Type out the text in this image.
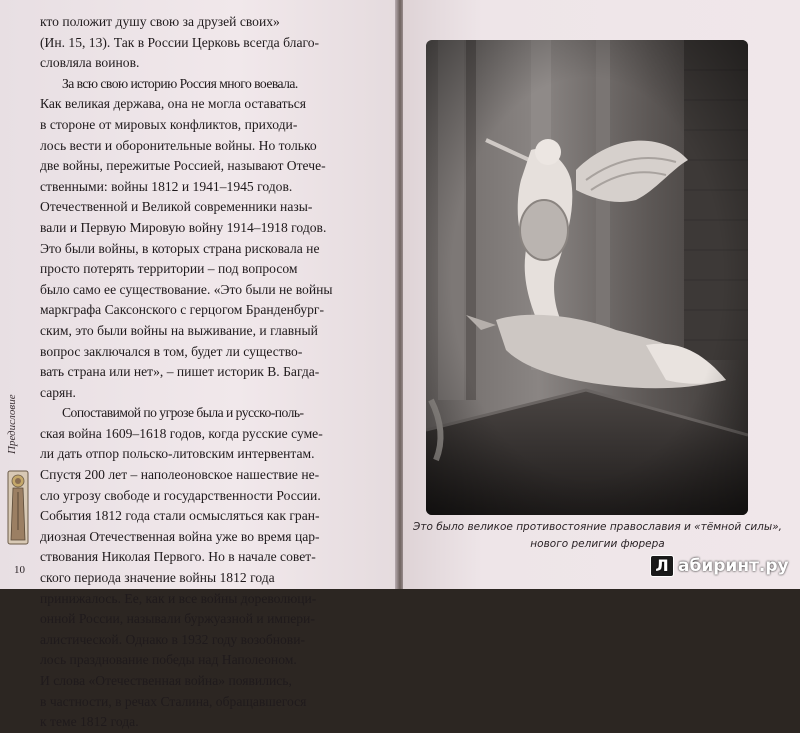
кто положит душу свою за друзей своих»
(Ин. 15, 13). Так в России Церковь всегда благо-
словляла воинов.
За всю свою историю Россия много воевала.
Как великая держава, она не могла оставаться
в стороне от мировых конфликтов, приходи-
лось вести и оборонительные войны. Но только
две войны, пережитые Россией, называют Отече-
ственными: войны 1812 и 1941–1945 годов.
Отечественной и Великой современники назы-
вали и Первую Мировую войну 1914–1918 годов.
Это были войны, в которых страна рисковала не
просто потерять территории – под вопросом
было само ее существование. «Это были не войны
маркграфа Саксонского с герцогом Бранденбург-
ским, это были войны на выживание, и главный
вопрос заключался в том, будет ли существо-
вать страна или нет», – пишет историк В. Багда-
сарян.
Сопоставимой по угрозе была и русско-поль-
ская война 1609–1618 годов, когда русские суме-
ли дать отпор польско-литовским интервентам.
Спустя 200 лет – наполеоновское нашествие не-
сло угрозу свободе и государственности России.
События 1812 года стали осмысляться как гран-
диозная Отечественная война уже во время цар-
ствования Николая Первого. Но в начале совет-
ского периода значение войны 1812 года
принижалось. Ее, как и все войны дореволюци-
онной России, называли буржуазной и импери-
алистической. Однако в 1932 году возобнови-
лось празднование победы над Наполеоном.
И слова «Отечественная война» появились,
в частности, в речах Сталина, обращавшегося
к теме 1812 года.
Предисловие
10
Это было великое противостояние православия и «тёмной силы»,
нового религии фюрера
Л абиринт.ру
